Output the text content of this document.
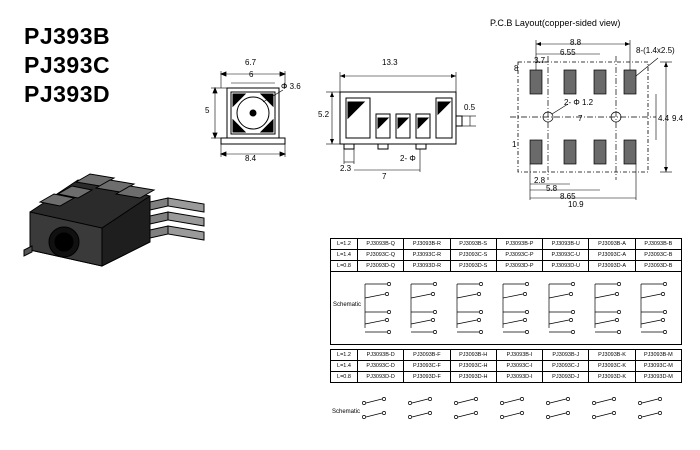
PJ393B
PJ393C
PJ393D
6.7
6
5
8.4
Φ 3.6
13.3
5.2
0.5
2.3
7
2- Φ
P.C.B Layout(copper-sided view)
8.8
6.55
3.7
8-(1.4x2.5)
2- Φ 1.2
7	9.4
4.4
2.8
5.8
8.65
10.9
8
1
L=1.2	PJ3093B-Q	PJ3093B-R	PJ3093B-S	PJ3093B-P	PJ3093B-U	PJ3093B-A	PJ3093B-B
L=1.4	PJ3093C-Q	PJ3093C-R	PJ3093C-S	PJ3093C-P	PJ3093C-U	PJ3093C-A	PJ3093C-B
L=0.8	PJ3093D-Q	PJ3093D-R	PJ3093D-S	PJ3093D-P	PJ3093D-U	PJ3093D-A	PJ3093D-B
Schematic
L=1.2	PJ3093B-D	PJ3093B-F	PJ3093B-H	PJ3093B-I	PJ3093B-J	PJ3093B-K	PJ3093B-M
L=1.4	PJ3093C-D	PJ3093C-F	PJ3093C-H	PJ3093C-I	PJ3093C-J	PJ3093C-K	PJ3093C-M
L=0.8	PJ3093D-D	PJ3093D-F	PJ3093D-H	PJ3093D-I	PJ3093D-J	PJ3093D-K	PJ3093D-M
Schematic
